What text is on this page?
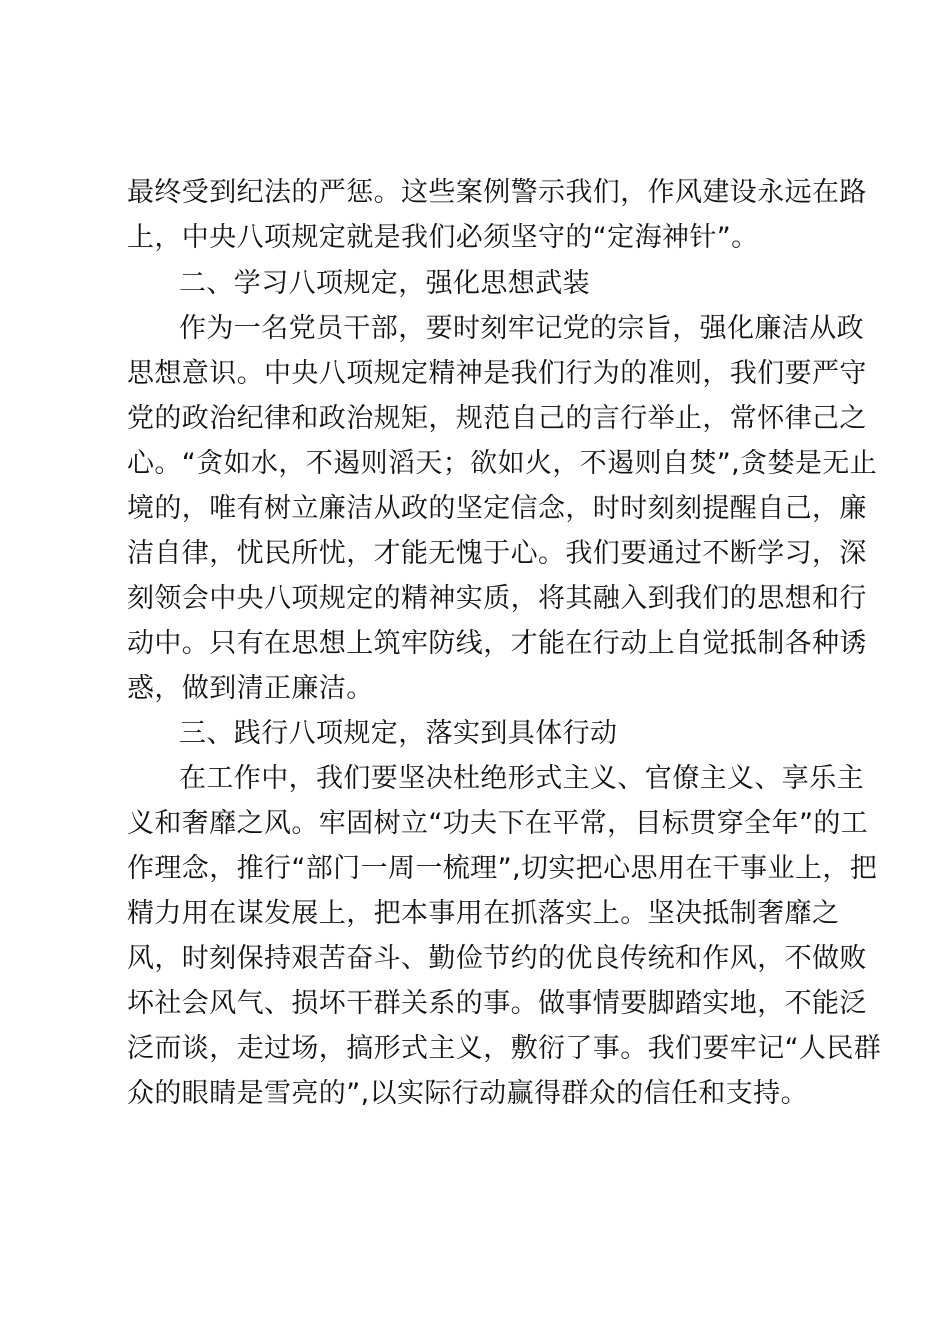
最终受到纪法的严惩。这些案例警示我们，作风建设永远在路

上，中央八项规定就是我们必须坚守的“定海神针”。

二、学习八项规定，强化思想武装

作为一名党员干部，要时刻牢记党的宗旨，强化廉洁从政

思想意识。中央八项规定精神是我们行为的准则，我们要严守

党的政治纪律和政治规矩，规范自己的言行举止，常怀律己之

心。“贪如水，不遏则滔天；欲如火，不遏则自焚”,贪婪是无止

境的，唯有树立廉洁从政的坚定信念，时时刻刻提醒自己，廉

洁自律，忧民所忧，才能无愧于心。我们要通过不断学习，深

刻领会中央八项规定的精神实质，将其融入到我们的思想和行

动中。只有在思想上筑牢防线，才能在行动上自觉抵制各种诱

惑，做到清正廉洁。

三、践行八项规定，落实到具体行动

在工作中，我们要坚决杜绝形式主义、官僚主义、享乐主

义和奢靡之风。牢固树立“功夫下在平常，目标贯穿全年”的工

作理念，推行“部门一周一梳理”,切实把心思用在干事业上，把

精力用在谋发展上，把本事用在抓落实上。坚决抵制奢靡之

风，时刻保持艰苦奋斗、勤俭节约的优良传统和作风，不做败

坏社会风气、损坏干群关系的事。做事情要脚踏实地，不能泛

泛而谈，走过场，搞形式主义，敷衍了事。我们要牢记“人民群

众的眼睛是雪亮的”,以实际行动赢得群众的信任和支持。
